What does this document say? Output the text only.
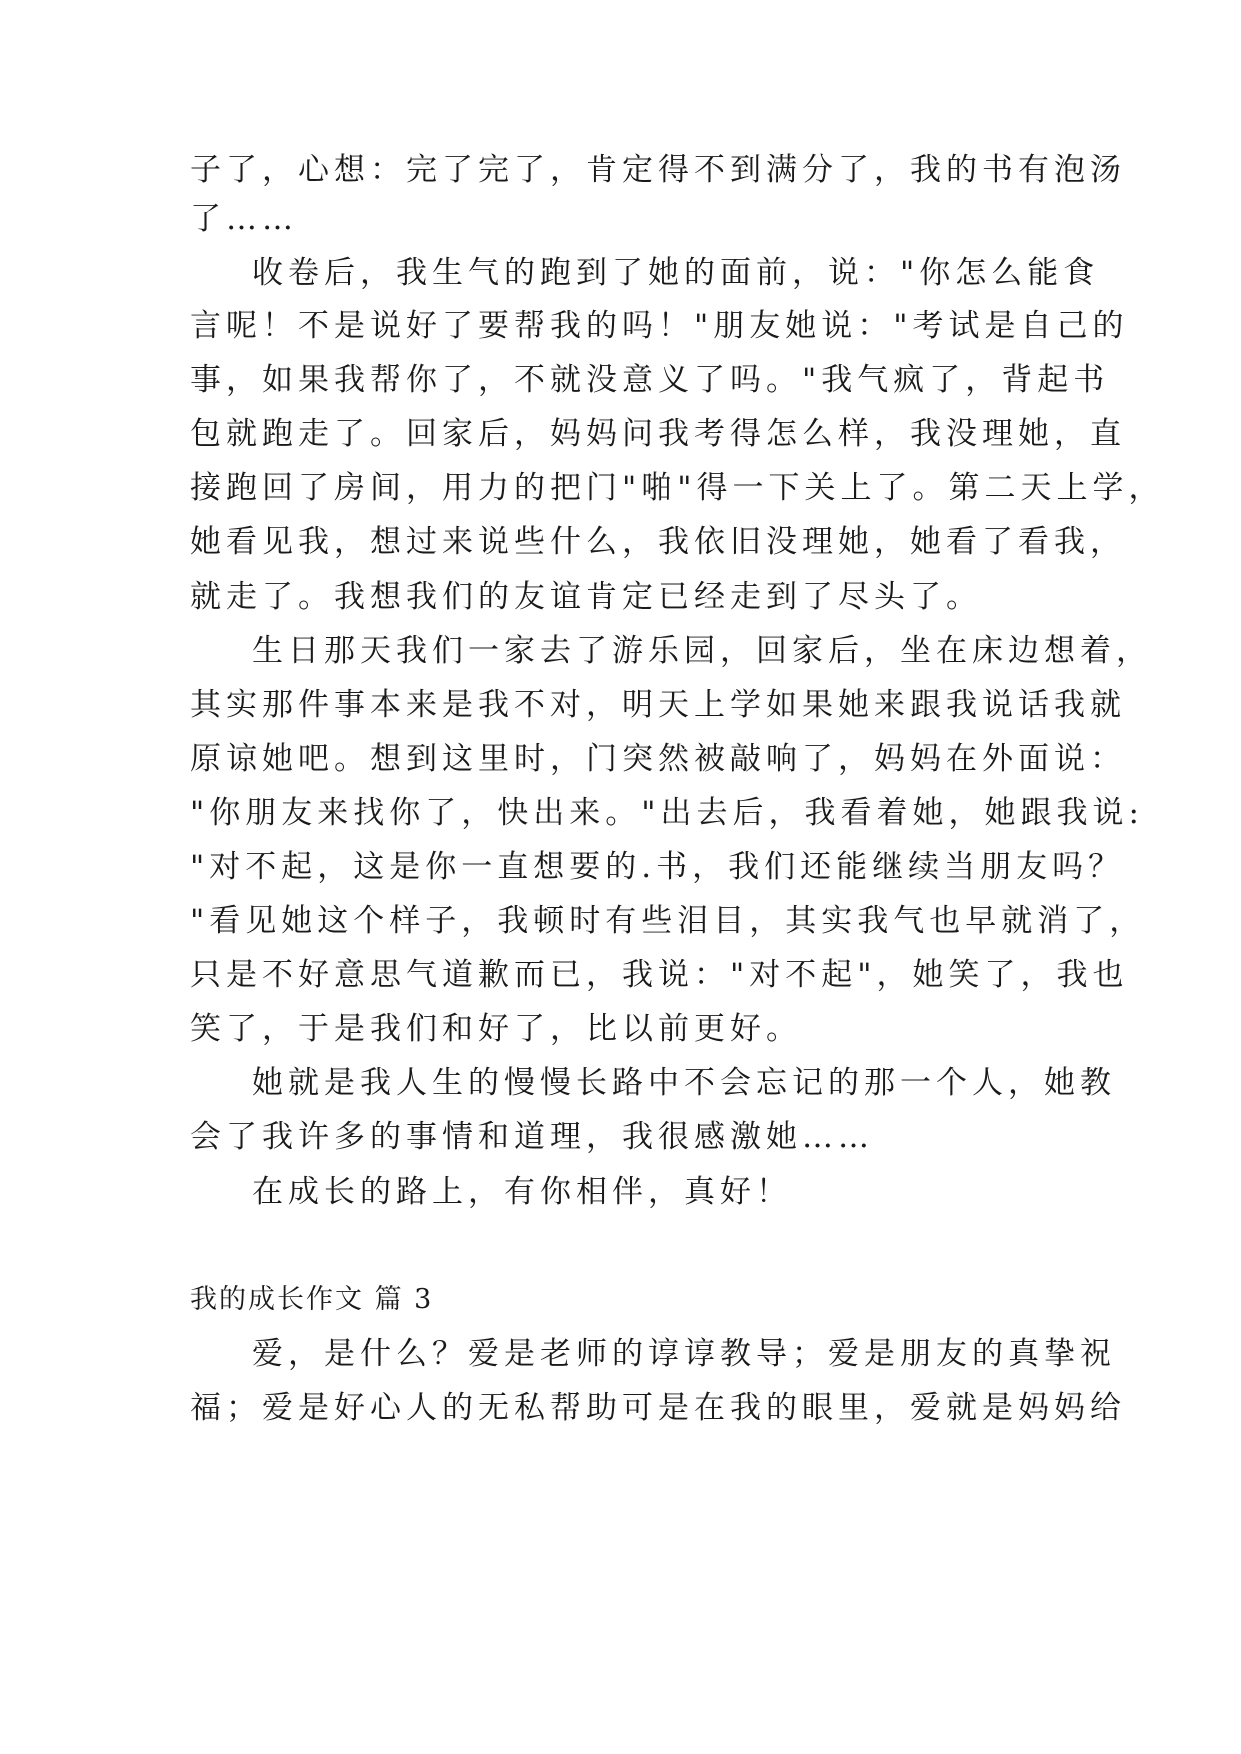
子了，心想：完了完了，肯定得不到满分了，我的书有泡汤
了……
收卷后，我生气的跑到了她的面前，说："你怎么能食
言呢！不是说好了要帮我的吗！"朋友她说："考试是自己的
事，如果我帮你了，不就没意义了吗。"我气疯了，背起书
包就跑走了。回家后，妈妈问我考得怎么样，我没理她，直
接跑回了房间，用力的把门"啪"得一下关上了。第二天上学，
她看见我，想过来说些什么，我依旧没理她，她看了看我，
就走了。我想我们的友谊肯定已经走到了尽头了。
生日那天我们一家去了游乐园，回家后，坐在床边想着，
其实那件事本来是我不对，明天上学如果她来跟我说话我就
原谅她吧。想到这里时，门突然被敲响了，妈妈在外面说：
"你朋友来找你了，快出来。"出去后，我看着她，她跟我说:
"对不起，这是你一直想要的.书，我们还能继续当朋友吗？
"看见她这个样子，我顿时有些泪目，其实我气也早就消了，
只是不好意思气道歉而已，我说："对不起"，她笑了，我也
笑了，于是我们和好了，比以前更好。
她就是我人生的慢慢长路中不会忘记的那一个人，她教
会了我许多的事情和道理，我很感激她……
在成长的路上，有你相伴，真好！
我的成长作文 篇 3
爱，是什么？爱是老师的谆谆教导；爱是朋友的真挚祝
福；爱是好心人的无私帮助可是在我的眼里，爱就是妈妈给
